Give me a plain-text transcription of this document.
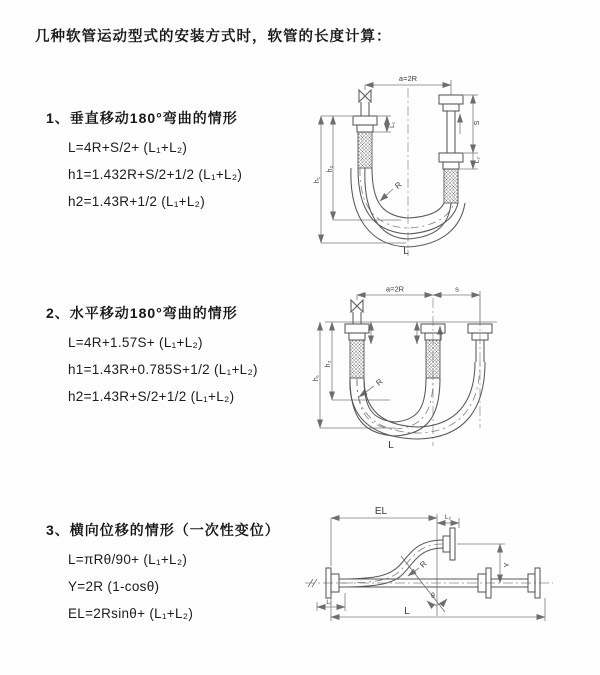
几种软管运动型式的安装方式时，软管的长度计算：
1、垂直移动180°弯曲的情形
L=4R+S/2+ (L₁+L₂)
h1=1.432R+S/2+1/2 (L₁+L₂)
h2=1.43R+1/2 (L₁+L₂)
2、水平移动180°弯曲的情形
L=4R+1.57S+ (L₁+L₂)
h1=1.43R+0.785S+1/2 (L₁+L₂)
h2=1.43R+S/2+1/2 (L₁+L₂)
3、横向位移的情形（一次性变位）
L=πRθ/90+ (L₁+L₂)
Y=2R (1-cosθ)
EL=2Rsinθ+ (L₁+L₂)
a=2R
L₁	S
L₂
h₁
h₂
R
L
a=2R	s
h₁
h₂
R
L
EL
L₂
Y
R
θ
L
L₁
